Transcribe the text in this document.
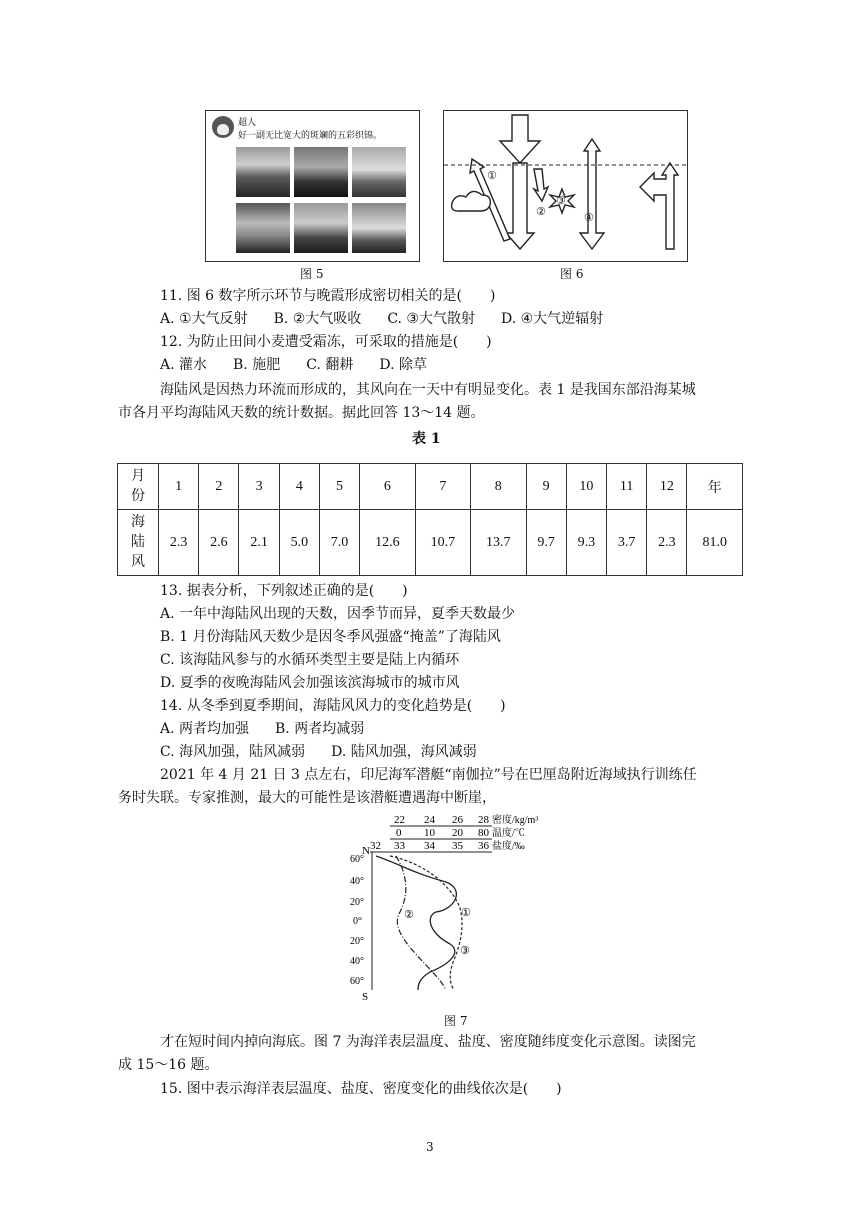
超人
好一副无比宽大的斑斓的五彩织锦。
图 5
①
②
③
④
图 6
11. 图 6 数字所示环节与晚霞形成密切相关的是(　　)
A. ①大气反射 B. ②大气吸收 C. ③大气散射 D. ④大气逆辐射
12. 为防止田间小麦遭受霜冻，可采取的措施是(　　)
A. 灌水 B. 施肥 C. 翻耕 D. 除草
海陆风是因热力环流而形成的，其风向在一天中有明显变化。表 1 是我国东部沿海某城
市各月平均海陆风天数的统计数据。据此回答 13～14 题。
表 1
月
份	1	2	3	4	5	6	7	8	9	10	11	12	年
海
陆
风	2.3	2.6	2.1	5.0	7.0	12.6	10.7	13.7	9.7	9.3	3.7	2.3	81.0
13. 据表分析，下列叙述正确的是(　　)
A. 一年中海陆风出现的天数，因季节而异，夏季天数最少
B. 1 月份海陆风天数少是因冬季风强盛“掩盖”了海陆风
C. 该海陆风参与的水循环类型主要是陆上内循环
D. 夏季的夜晚海陆风会加强该滨海城市的城市风
14. 从冬季到夏季期间，海陆风风力的变化趋势是(　　)
A. 两者均加强 B. 两者均减弱
C. 海风加强，陆风减弱 D. 陆风加强，海风减弱
2021 年 4 月 21 日 3 点左右，印尼海军潜艇“南伽拉”号在巴厘岛附近海域执行训练任
务时失联。专家推测，最大的可能性是该潜艇遭遇海中断崖，
22 24 26 28 密度/kg/m³
0 10 20 80 温度/℃
32 33 34 35 36 盐度/‰
N
S
60°
40°
20°
0°
20°
40°
60°
①
②
③
图 7
才在短时间内掉向海底。图 7 为海洋表层温度、盐度、密度随纬度变化示意图。读图完
成 15～16 题。
15. 图中表示海洋表层温度、盐度、密度变化的曲线依次是(　　)
3
